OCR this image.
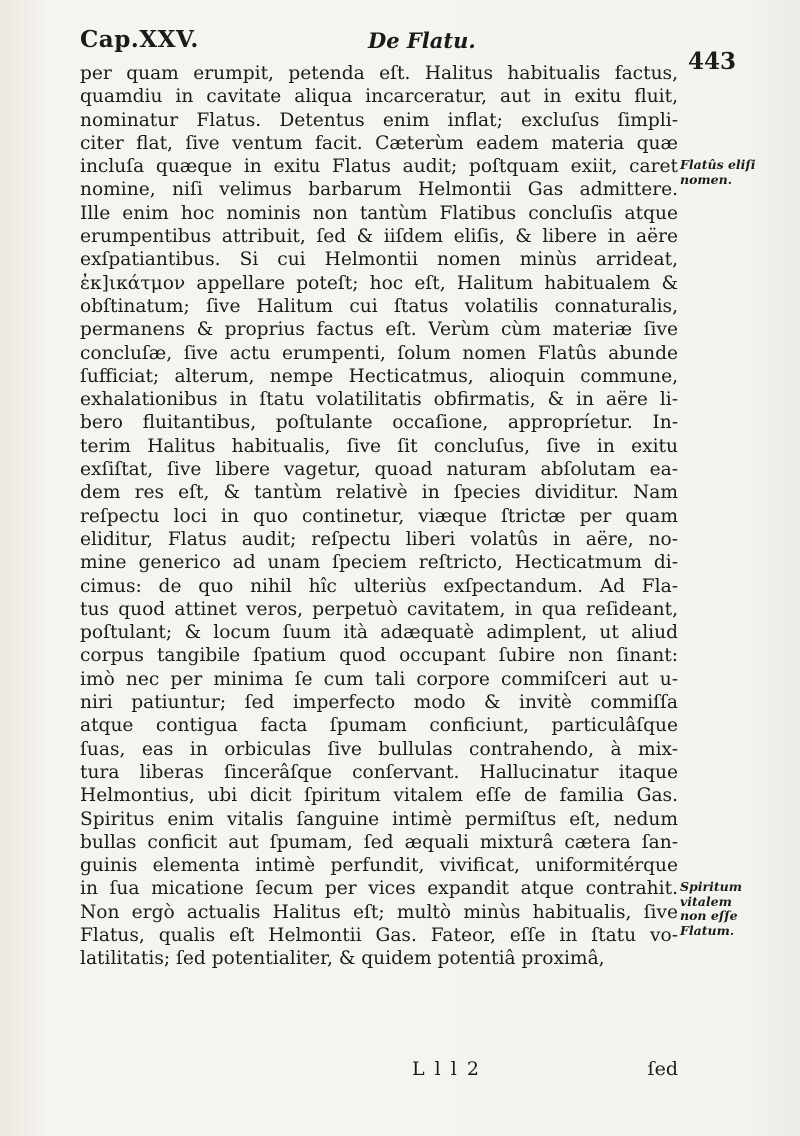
Cap.XXV.	De Flatu.
443
per quam erumpit, petenda eſt. Halitus habitualis factus,
quamdiu in cavitate aliqua incarceratur, aut in exitu fluit,
nominatur Flatus. Detentus enim inflat; excluſus ſimpli-
citer flat, ſive ventum facit. Cæterùm eadem materia quæ
incluſa quæque in exitu Flatus audit; poſtquam exiit, caret
nomine, niſi velimus barbarum Helmontii Gas admittere.
Ille enim hoc nominis non tantùm Flatibus concluſis atque
erumpentibus attribuit, ſed & iiſdem eliſis, & libere in aëre
exſpatiantibus. Si cui Helmontii nomen minùs arrideat,
ἐκ]ικάτμον appellare poteſt; hoc eſt, Halitum habitualem &
obſtinatum; ſive Halitum cui ſtatus volatilis connaturalis,
permanens & proprius factus eſt. Verùm cùm materiæ ſive
concluſæ, ſive actu erumpenti, ſolum nomen Flatûs abunde
ſufficiat; alterum, nempe Hecticatmus, alioquin commune,
exhalationibus in ſtatu volatilitatis obfirmatis, & in aëre li-
bero fluitantibus, poſtulante occaſione, appropríetur. In-
terim Halitus habitualis, ſive ſit concluſus, ſive in exitu
exſiſtat, ſive libere vagetur, quoad naturam abſolutam ea-
dem res eſt, & tantùm relativè in ſpecies dividitur. Nam
reſpectu loci in quo continetur, viæque ſtrictæ per quam
eliditur, Flatus audit; reſpectu liberi volatûs in aëre, no-
mine generico ad unam ſpeciem reſtricto, Hecticatmum di-
cimus: de quo nihil hîc ulteriùs exſpectandum. Ad Fla-
tus quod attinet veros, perpetuò cavitatem, in qua reſideant,
poſtulant; & locum ſuum ità adæquatè adimplent, ut aliud
corpus tangibile ſpatium quod occupant ſubire non ſinant:
imò nec per minima ſe cum tali corpore commiſceri aut u-
niri patiuntur; ſed imperfecto modo & invitè commiſſa
atque contigua facta ſpumam conficiunt, particulâſque
ſuas, eas in orbiculas ſive bullulas contrahendo, à mix-
tura liberas ſincerâſque conſervant. Hallucinatur itaque
Helmontius, ubi dicit ſpiritum vitalem eſſe de familia Gas.
Spiritus enim vitalis ſanguine intimè permiſtus eſt, nedum
bullas conficit aut ſpumam, ſed æquali mixturâ cætera ſan-
guinis elementa intimè perfundit, vivificat, uniformitérque
in ſua micatione ſecum per vices expandit atque contrahit.
Non ergò actualis Halitus eſt; multò minùs habitualis, ſive
Flatus, qualis eſt Helmontii Gas. Fateor, eſſe in ſtatu vo-
latilitatis; ſed potentialiter, & quidem potentiâ proximâ,
Flatûs eliſi
nomen.
Spiritum
vitalem
non eſſe
Flatum.
L l l 2	ſed
